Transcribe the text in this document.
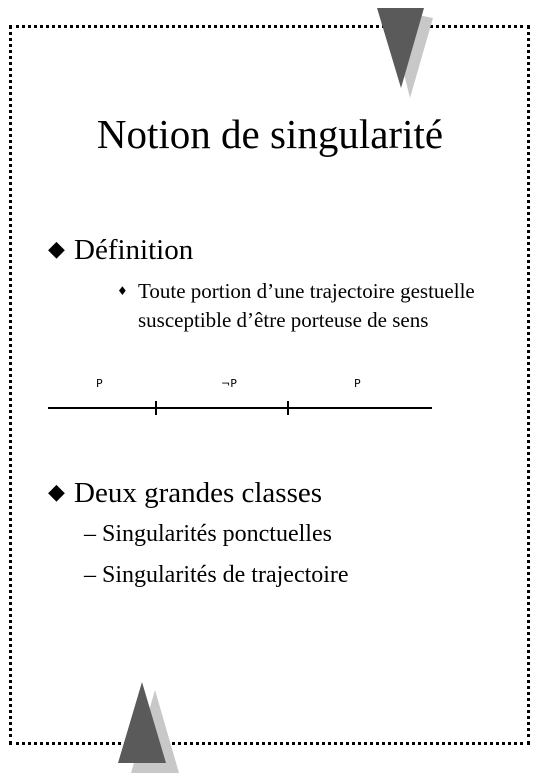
Notion de singularité
◆ Définition
♦ Toute portion d’une trajectoire gestuelle susceptible d’être porteuse de sens
P	¬P	P
◆ Deux grandes classes
– Singularités ponctuelles
– Singularités de trajectoire
